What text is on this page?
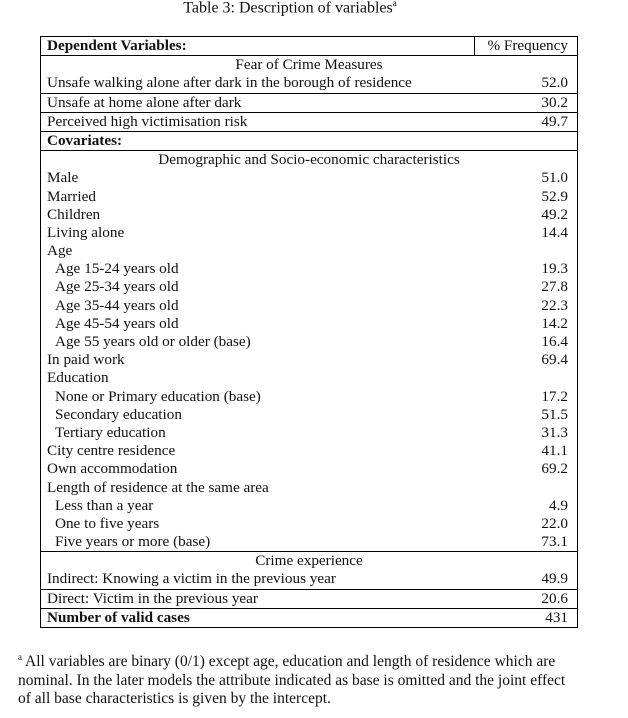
Table 3: Description of variables$^a$
Dependent Variables:	% Frequency
Fear of Crime Measures
Unsafe walking alone after dark in the borough of residence	52.0
Unsafe at home alone after dark	30.2
Perceived high victimisation risk	49.7
Covariates:
Demographic and Socio-economic characteristics
Male	51.0
Married	52.9
Children	49.2
Living alone	14.4
Age
Age 15-24 years old	19.3
Age 25-34 years old	27.8
Age 35-44 years old	22.3
Age 45-54 years old	14.2
Age 55 years old or older (base)	16.4
In paid work	69.4
Education
None or Primary education (base)	17.2
Secondary education	51.5
Tertiary education	31.3
City centre residence	41.1
Own accommodation	69.2
Length of residence at the same area
Less than a year	4.9
One to five years	22.0
Five years or more (base)	73.1
Crime experience
Indirect: Knowing a victim in the previous year	49.9
Direct: Victim in the previous year	20.6
Number of valid cases	431
$^a$ All variables are binary (0/1) except age, education and length of residence which are nominal. In the later models the attribute indicated as base is omitted and the joint effect of all base characteristics is given by the intercept.
